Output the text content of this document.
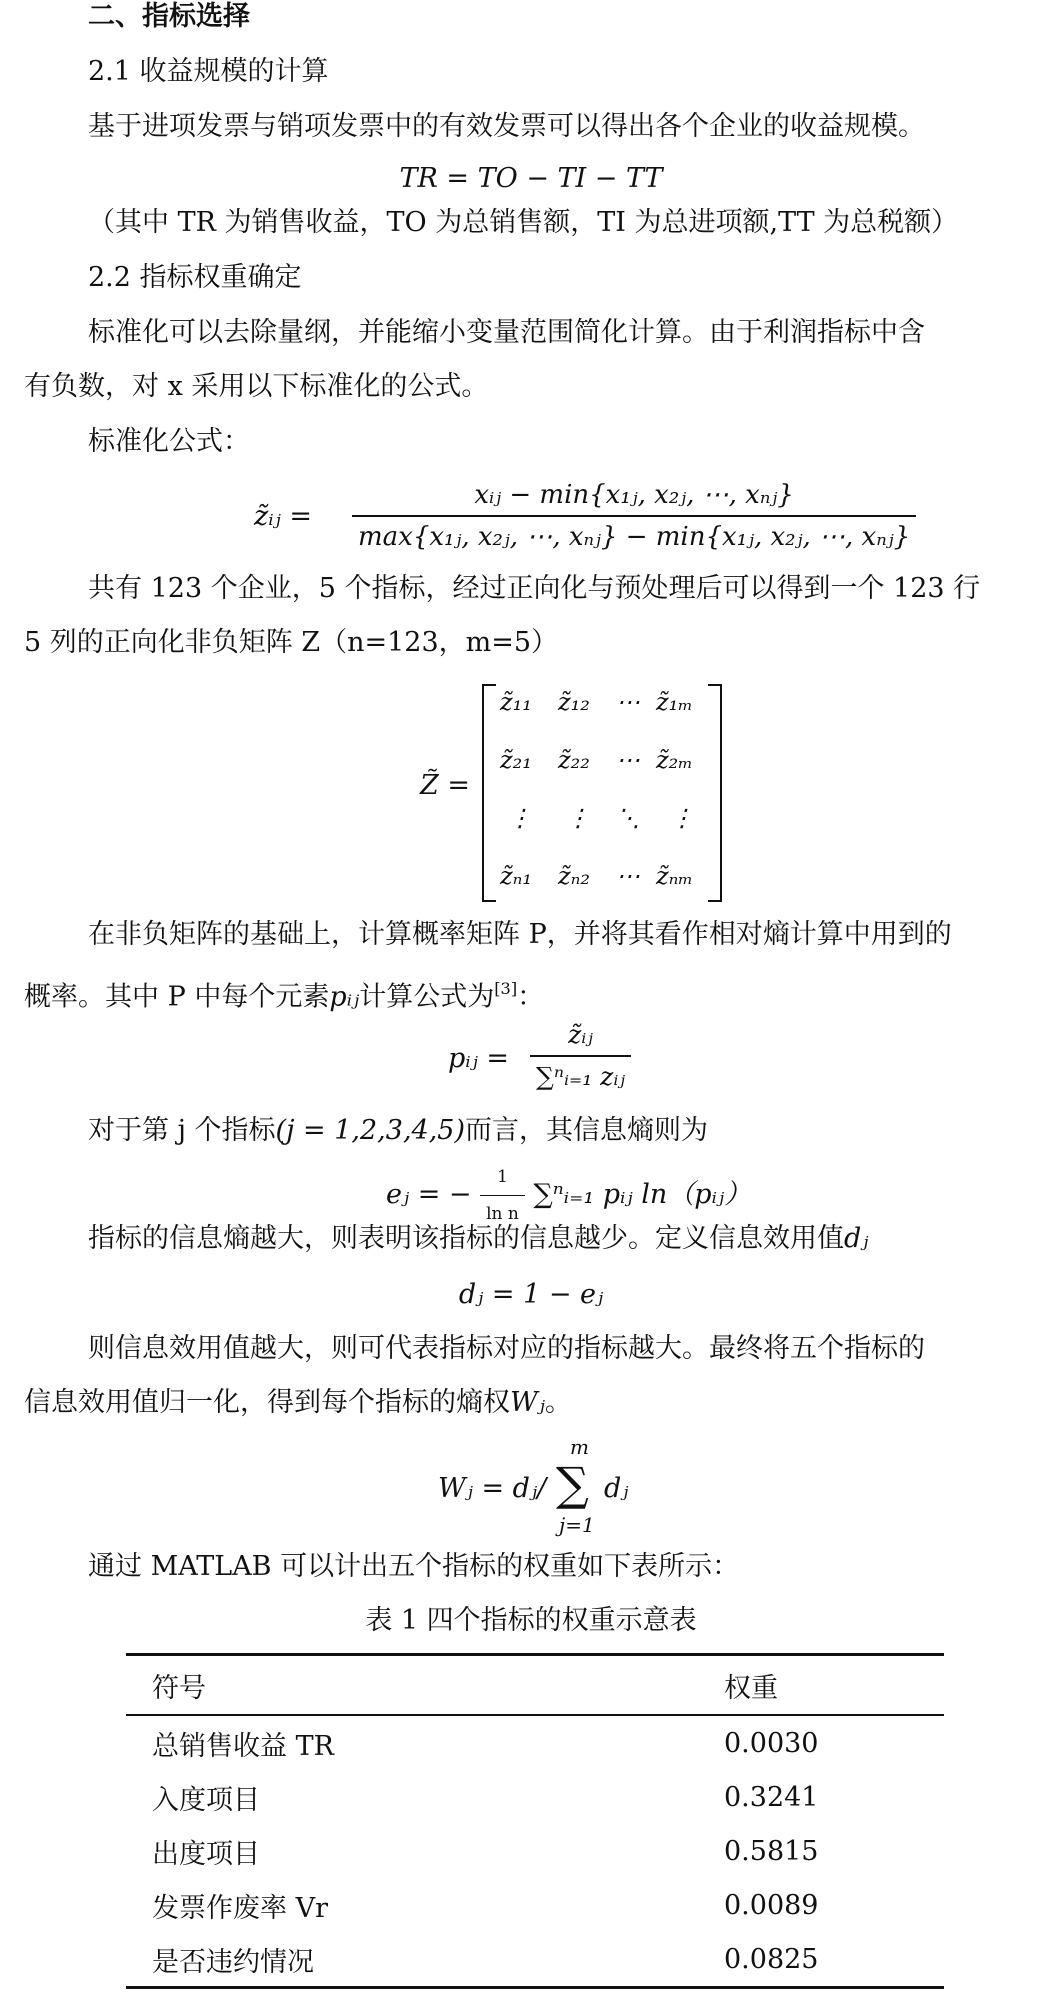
二、指标选择
2.1 收益规模的计算
基于进项发票与销项发票中的有效发票可以得出各个企业的收益规模。
TR = TO − TI − TT
（其中 TR 为销售收益，TO 为总销售额，TI 为总进项额,TT 为总税额）
2.2 指标权重确定
标准化可以去除量纲，并能缩小变量范围简化计算。由于利润指标中含
有负数，对 x 采用以下标准化的公式。
标准化公式：
z̃ᵢⱼ = $\frac{\text{xᵢⱼ − min\{x₁ⱼ, x₂ⱼ, ⋯, xₙⱼ\}}}{\text{max\{x₁ⱼ, x₂ⱼ, ⋯, xₙⱼ\} − min\{x₁ⱼ, x₂ⱼ, ⋯, xₙⱼ\}}}$
共有 123 个企业，5 个指标，经过正向化与预处理后可以得到一个 123 行
5 列的正向化非负矩阵 Z（n=123，m=5）
Z̃ =
z̃₁₁ z̃₁₂ ⋯ z̃₁ₘ
z̃₂₁ z̃₂₂ ⋯ z̃₂ₘ
⋮ ⋮ ⋱ ⋮
z̃ₙ₁ z̃ₙ₂ ⋯ z̃ₙₘ
在非负矩阵的基础上，计算概率矩阵 P，并将其看作相对熵计算中用到的
概率。其中 P 中每个元素pᵢⱼ计算公式为[3]：
pᵢⱼ = $\frac{\text{z̃ᵢⱼ}}{\text{∑ⁿᵢ₌₁ zᵢⱼ}}$
对于第 j 个指标(j = 1,2,3,4,5)而言，其信息熵则为
eⱼ = − $\frac{1}{\text{ln n}}$ ∑ⁿᵢ₌₁ pᵢⱼ ln（pᵢⱼ）
指标的信息熵越大，则表明该指标的信息越少。定义信息效用值dⱼ
dⱼ = 1 − eⱼ
则信息效用值越大，则可代表指标对应的指标越大。最终将五个指标的
信息效用值归一化，得到每个指标的熵权Wⱼ。
Wⱼ = dⱼ/
m
∑
j=1
dⱼ
通过 MATLAB 可以计出五个指标的权重如下表所示：
表 1 四个指标的权重示意表
符号	权重
总销售收益 TR	0.0030
入度项目	0.3241
出度项目	0.5815
发票作废率 Vr	0.0089
是否违约情况	0.0825
